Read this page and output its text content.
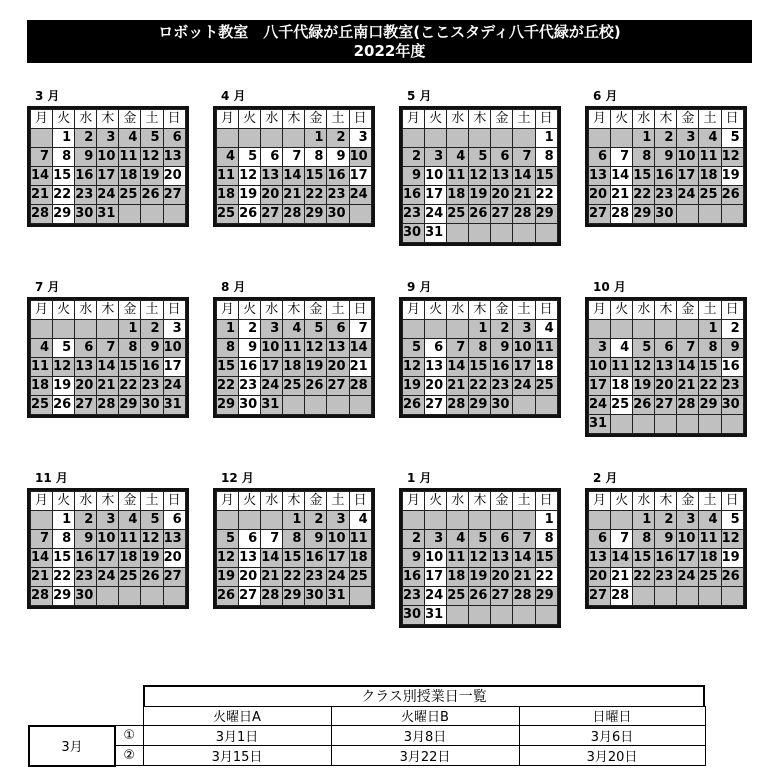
ロボット教室　八千代緑が丘南口教室(ここスタディ八千代緑が丘校)
2022年度
3 月
月	火	水	木	金	土	日
	1	2	3	4	5	6
7	8	9	10	11	12	13
14	15	16	17	18	19	20
21	22	23	24	25	26	27
28	29	30	31			
4 月
月	火	水	木	金	土	日
				1	2	3
4	5	6	7	8	9	10
11	12	13	14	15	16	17
18	19	20	21	22	23	24
25	26	27	28	29	30	
5 月
月	火	水	木	金	土	日
						1
2	3	4	5	6	7	8
9	10	11	12	13	14	15
16	17	18	19	20	21	22
23	24	25	26	27	28	29
30	31					
6 月
月	火	水	木	金	土	日
		1	2	3	4	5
6	7	8	9	10	11	12
13	14	15	16	17	18	19
20	21	22	23	24	25	26
27	28	29	30			
7 月
月	火	水	木	金	土	日
				1	2	3
4	5	6	7	8	9	10
11	12	13	14	15	16	17
18	19	20	21	22	23	24
25	26	27	28	29	30	31
8 月
月	火	水	木	金	土	日
1	2	3	4	5	6	7
8	9	10	11	12	13	14
15	16	17	18	19	20	21
22	23	24	25	26	27	28
29	30	31				
9 月
月	火	水	木	金	土	日
			1	2	3	4
5	6	7	8	9	10	11
12	13	14	15	16	17	18
19	20	21	22	23	24	25
26	27	28	29	30		
10 月
月	火	水	木	金	土	日
					1	2
3	4	5	6	7	8	9
10	11	12	13	14	15	16
17	18	19	20	21	22	23
24	25	26	27	28	29	30
31						
11 月
月	火	水	木	金	土	日
	1	2	3	4	5	6
7	8	9	10	11	12	13
14	15	16	17	18	19	20
21	22	23	24	25	26	27
28	29	30				
12 月
月	火	水	木	金	土	日
			1	2	3	4
5	6	7	8	9	10	11
12	13	14	15	16	17	18
19	20	21	22	23	24	25
26	27	28	29	30	31	
1 月
月	火	水	木	金	土	日
						1
2	3	4	5	6	7	8
9	10	11	12	13	14	15
16	17	18	19	20	21	22
23	24	25	26	27	28	29
30	31					
2 月
月	火	水	木	金	土	日
		1	2	3	4	5
6	7	8	9	10	11	12
13	14	15	16	17	18	19
20	21	22	23	24	25	26
27	28					
クラス別授業日一覧

		火曜日A	火曜日B	日曜日
3月	①	3月1日	3月8日	3月6日
	②	3月15日	3月22日	3月20日
